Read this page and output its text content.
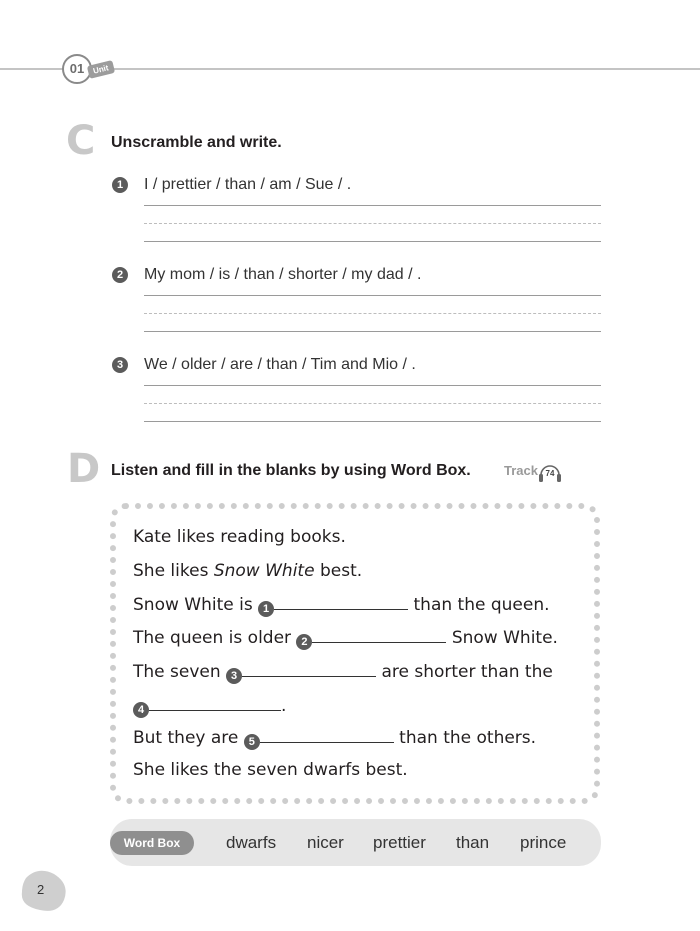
01 Unit
C Unscramble and write.
1	I / prettier / than / am / Sue / .
2	My mom / is / than / shorter / my dad / .
3	We / older / are / than / Tim and Mio / .
D Listen and fill in the blanks by using Word Box.	Track 74
Kate likes reading books.
She likes Snow White best.
Snow White is 1	than the queen.
The queen is older 2	Snow White.
The seven 3	are shorter than the
4	.
But they are 5	than the others.
She likes the seven dwarfs best.
Word Box	dwarfs nicer prettier than prince
2
